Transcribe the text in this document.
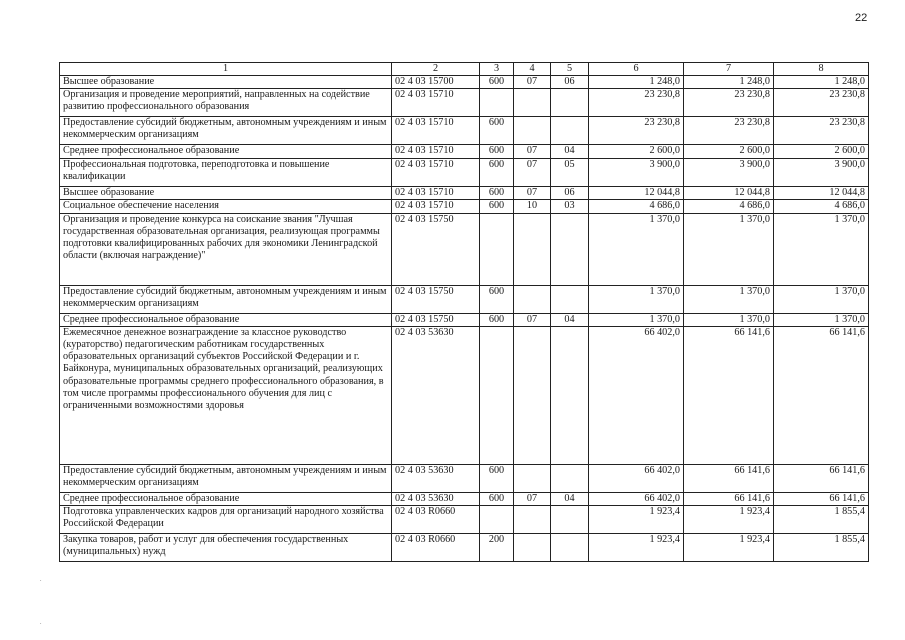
22
1	2	3	4	5	6	7	8
Высшее образование	02 4 03 15700	600	07	06	1 248,0	1 248,0	1 248,0
Организация и проведение мероприятий, направленных на содействие развитию профессионального образования	02 4 03 15710				23 230,8	23 230,8	23 230,8
Предоставление субсидий бюджетным, автономным учреждениям и иным некоммерческим организациям	02 4 03 15710	600			23 230,8	23 230,8	23 230,8
Среднее профессиональное образование	02 4 03 15710	600	07	04	2 600,0	2 600,0	2 600,0
Профессиональная подготовка, переподготовка и повышение квалификации	02 4 03 15710	600	07	05	3 900,0	3 900,0	3 900,0
Высшее образование	02 4 03 15710	600	07	06	12 044,8	12 044,8	12 044,8
Социальное обеспечение населения	02 4 03 15710	600	10	03	4 686,0	4 686,0	4 686,0
Организация и проведение конкурса на соискание звания "Лучшая государственная образовательная организация, реализующая программы подготовки квалифицированных рабочих для экономики Ленинградской области (включая награждение)"	02 4 03 15750				1 370,0	1 370,0	1 370,0
Предоставление субсидий бюджетным, автономным учреждениям и иным некоммерческим организациям	02 4 03 15750	600			1 370,0	1 370,0	1 370,0
Среднее профессиональное образование	02 4 03 15750	600	07	04	1 370,0	1 370,0	1 370,0
Ежемесячное денежное вознаграждение за классное руководство (кураторство) педагогическим работникам государственных образовательных организаций субъектов Российской Федерации и г. Байконура, муниципальных образовательных организаций, реализующих образовательные программы среднего профессионального образования, в том числе программы профессионального обучения для лиц с ограниченными возможностями здоровья	02 4 03 53630				66 402,0	66 141,6	66 141,6
Предоставление субсидий бюджетным, автономным учреждениям и иным некоммерческим организациям	02 4 03 53630	600			66 402,0	66 141,6	66 141,6
Среднее профессиональное образование	02 4 03 53630	600	07	04	66 402,0	66 141,6	66 141,6
Подготовка управленческих кадров для организаций народного хозяйства Российской Федерации	02 4 03 R0660				1 923,4	1 923,4	1 855,4
Закупка товаров, работ и услуг для обеспечения государственных (муниципальных) нужд	02 4 03 R0660	200			1 923,4	1 923,4	1 855,4
.
.
